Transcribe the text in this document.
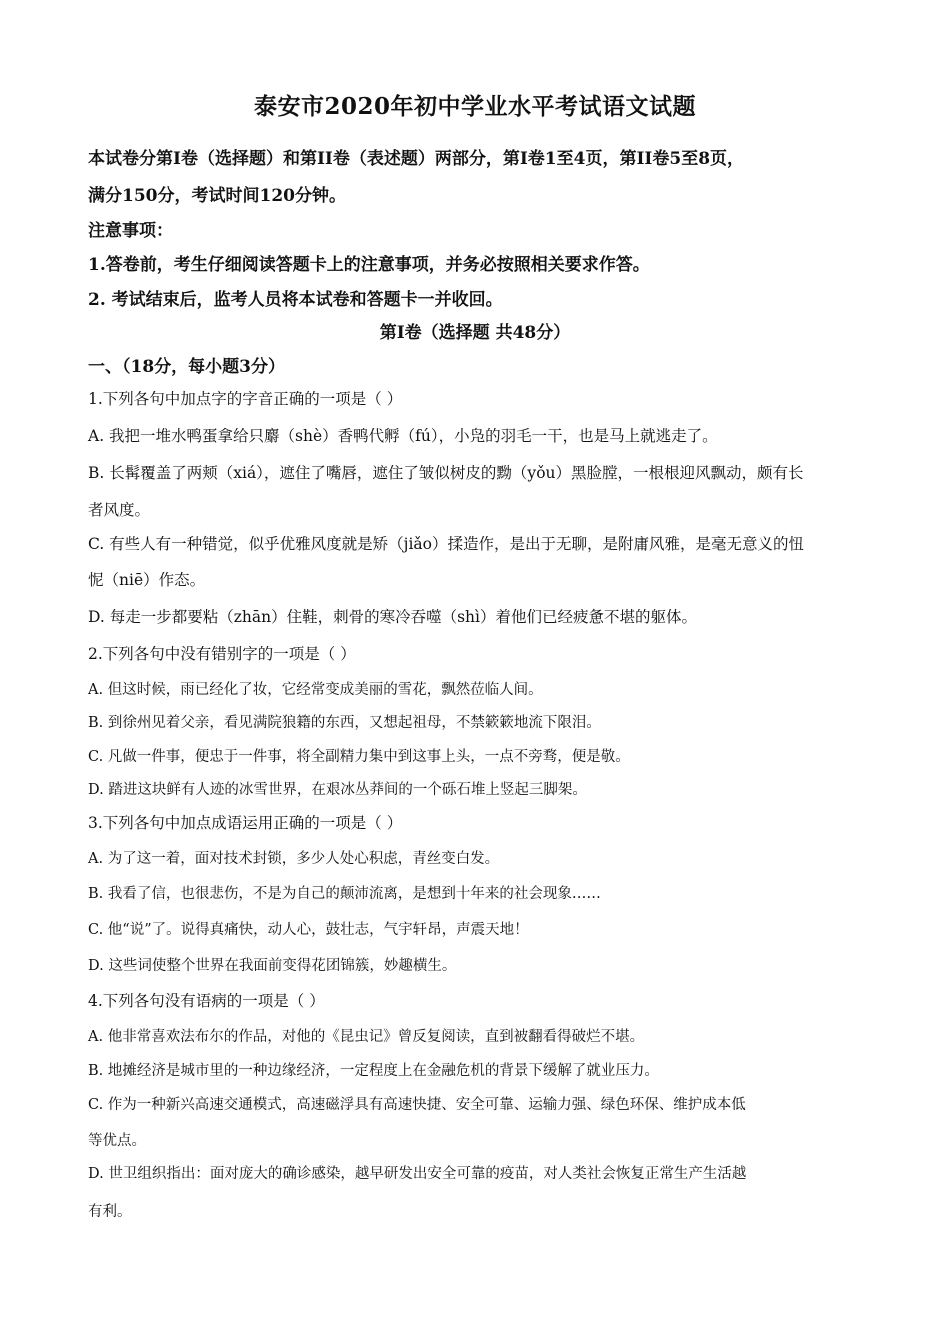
泰安市2020年初中学业水平考试语文试题
本试卷分第Ⅰ卷（选择题）和第II卷（表述题）两部分，第Ⅰ卷1至4页，第II卷5至8页，
满分150分，考试时间120分钟。
注意事项：
1.答卷前，考生仔细阅读答题卡上的注意事项，并务必按照相关要求作答。
2. 考试结束后，监考人员将本试卷和答题卡一并收回。
第Ⅰ卷（选择题 共48分）
一、（18分，每小题3分）
1.下列各句中加点字的字音正确的一项是（ ）
A. 我把一堆水鸭蛋拿给只麝（shè）香鸭代孵（fú），小凫的羽毛一干，也是马上就逃走了。
B. 长髯覆盖了两颊（xiá），遮住了嘴唇，遮住了皱似树皮的黝（yǒu）黑脸膛，一根根迎风飘动，颇有长
者风度。
C. 有些人有一种错觉，似乎优雅风度就是矫（jiǎo）揉造作，是出于无聊，是附庸风雅，是毫无意义的忸
怩（niē）作态。
D. 每走一步都要粘（zhān）住鞋，刺骨的寒冷吞噬（shì）着他们已经疲惫不堪的躯体。
2.下列各句中没有错别字的一项是（ ）
A. 但这时候，雨已经化了妆，它经常变成美丽的雪花，飘然莅临人间。
B. 到徐州见着父亲，看见满院狼籍的东西，又想起祖母，不禁簌簌地流下限泪。
C. 凡做一件事，便忠于一件事，将全副精力集中到这事上头，一点不旁骛，便是敬。
D. 踏进这块鲜有人迹的冰雪世界，在艰冰丛莽间的一个砾石堆上竖起三脚架。
3.下列各句中加点成语运用正确的一项是（ ）
A. 为了这一着，面对技术封锁，多少人处心积虑，青丝变白发。
B. 我看了信，也很悲伤，不是为自己的颠沛流离，是想到十年来的社会现象……
C. 他“说”了。说得真痛快，动人心，鼓壮志，气宇轩昂，声震天地！
D. 这些词使整个世界在我面前变得花团锦簇，妙趣横生。
4.下列各句没有语病的一项是（ ）
A. 他非常喜欢法布尔的作品，对他的《昆虫记》曾反复阅读，直到被翻看得破烂不堪。
B. 地摊经济是城市里的一种边缘经济，一定程度上在金融危机的背景下缓解了就业压力。
C. 作为一种新兴高速交通模式，高速磁浮具有高速快捷、安全可靠、运输力强、绿色环保、维护成本低
等优点。
D. 世卫组织指出：面对庞大的确诊感染，越早研发出安全可靠的疫苗，对人类社会恢复正常生产生活越
有利。
